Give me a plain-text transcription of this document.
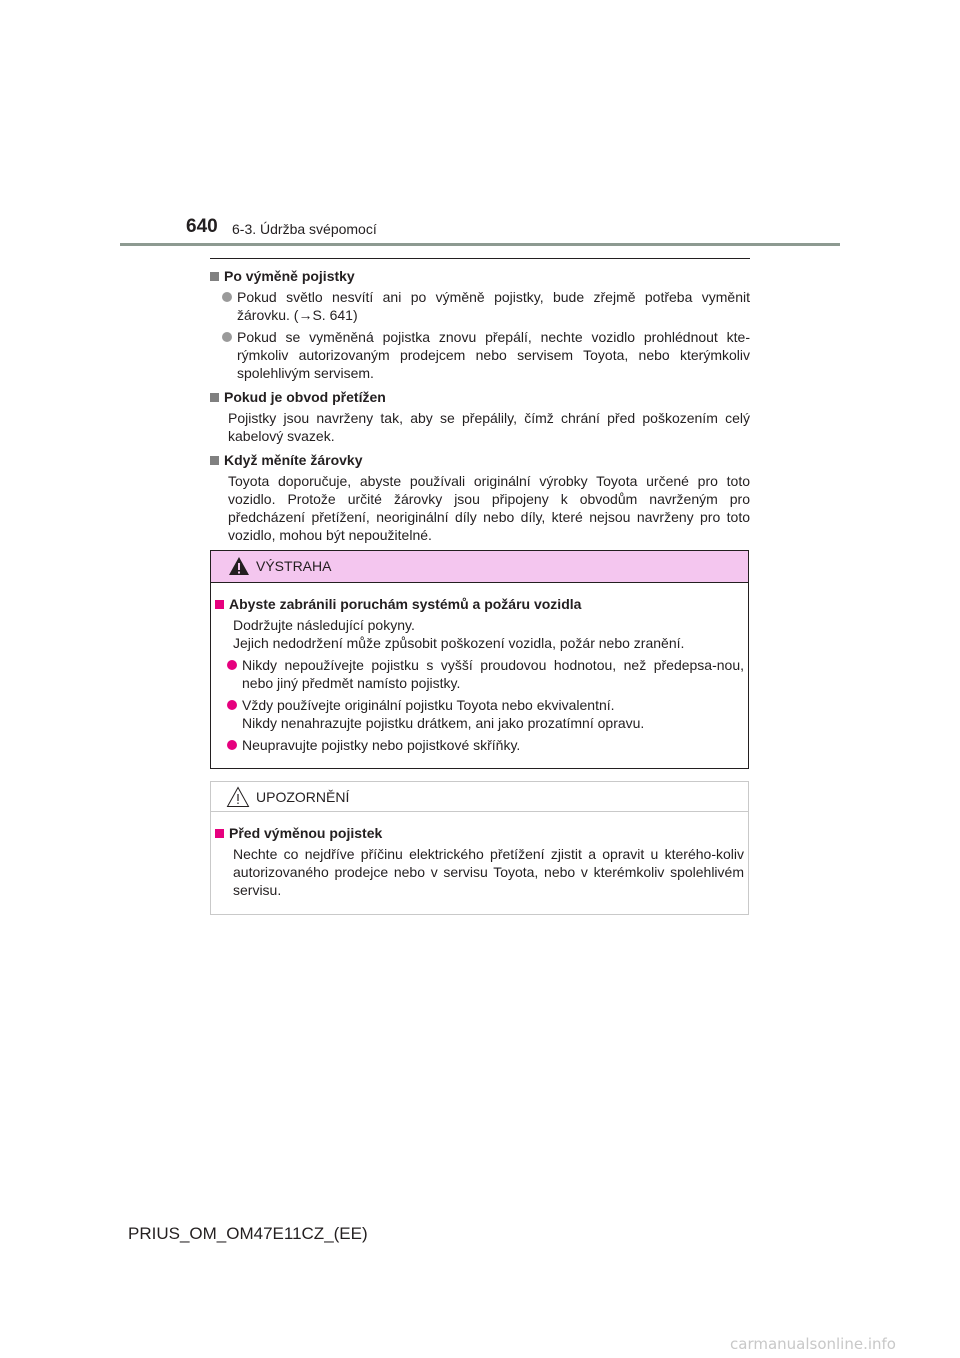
640 6-3. Údržba svépomocí
Po výměně pojistky
Pokud světlo nesvítí ani po výměně pojistky, bude zřejmě potřeba vyměnit žárovku. (→S. 641)
Pokud se vyměněná pojistka znovu přepálí, nechte vozidlo prohlédnout kte-rýmkoliv autorizovaným prodejcem nebo servisem Toyota, nebo kterýmkoliv spolehlivým servisem.
Pokud je obvod přetížen
Pojistky jsou navrženy tak, aby se přepálily, čímž chrání před poškozením celý kabelový svazek.
Když měníte žárovky
Toyota doporučuje, abyste používali originální výrobky Toyota určené pro toto vozidlo. Protože určité žárovky jsou připojeny k obvodům navrženým pro předcházení přetížení, neoriginální díly nebo díly, které nejsou navrženy pro toto vozidlo, mohou být nepoužitelné.
VÝSTRAHA
Abyste zabránili poruchám systémů a požáru vozidla
Dodržujte následující pokyny.
Jejich nedodržení může způsobit poškození vozidla, požár nebo zranění.
Nikdy nepoužívejte pojistku s vyšší proudovou hodnotou, než předepsa-nou, nebo jiný předmět namísto pojistky.
Vždy používejte originální pojistku Toyota nebo ekvivalentní.
Nikdy nenahrazujte pojistku drátkem, ani jako prozatímní opravu.
Neupravujte pojistky nebo pojistkové skříňky.
UPOZORNĚNÍ
Před výměnou pojistek
Nechte co nejdříve příčinu elektrického přetížení zjistit a opravit u kterého-koliv autorizovaného prodejce nebo v servisu Toyota, nebo v kterémkoliv spolehlivém servisu.
PRIUS_OM_OM47E11CZ_(EE)
carmanualsonline.info
